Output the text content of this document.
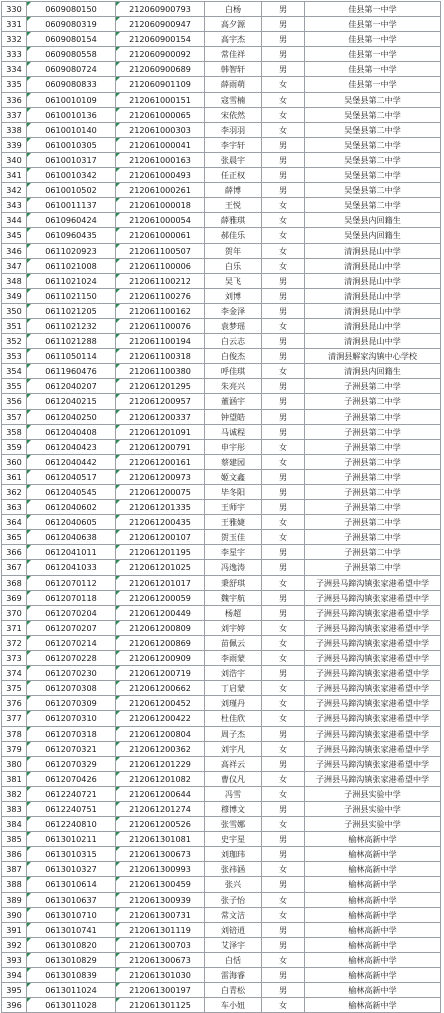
330	0609080150	212060900793	白杨	男	佳县第一中学
331	0609080319	212060900947	高夕源	男	佳县第一中学
332	0609080154	212060900154	高宇杰	男	佳县第一中学
333	0609080558	212060900092	常佳祥	男	佳县第一中学
334	0609080724	212060900689	韩智轩	男	佳县第一中学
335	0609080833	212060901109	薛雨萌	女	佳县第一中学
336	0610010109	212061000151	寇雪楠	女	吴堡县第二中学
337	0610010136	212061000065	宋依然	女	吴堡县第二中学
338	0610010140	212061000303	李羽羽	女	吴堡县第二中学
339	0610010305	212061000041	李宇轩	男	吴堡县第二中学
340	0610010317	212061000163	张晨宇	男	吴堡县第二中学
341	0610010342	212061000493	任正权	男	吴堡县第二中学
342	0610010502	212061000261	薛博	男	吴堡县第二中学
343	0610011137	212061000018	王悦	女	吴堡县第二中学
344	0610960424	212061000054	薛雅琪	女	吴堡县内回籍生
345	0610960435	212061000061	郝佳乐	女	吴堡县内回籍生
346	0611020923	212061100507	贺年	女	清涧县昆山中学
347	0611021008	212061100006	白乐	女	清涧县昆山中学
348	0611021024	212061100212	吴飞	男	清涧县昆山中学
349	0611021150	212061100276	刘博	男	清涧县昆山中学
350	0611021205	212061100162	李金泽	男	清涧县昆山中学
351	0611021232	212061100076	袁梦瑶	女	清涧县昆山中学
352	0611021288	212061100194	白云志	男	清涧县昆山中学
353	0611050114	212061100318	白俊杰	男	清涧县解家沟镇中心学校
354	0611960476	212061100380	呼佳琪	女	清涧县内回籍生
355	0612040207	212061201295	朱亮兴	男	子洲县第二中学
356	0612040215	212061200957	董涵宇	男	子洲县第二中学
357	0612040250	212061200337	钟望皓	男	子洲县第二中学
358	0612040408	212061201091	马诚程	男	子洲县第二中学
359	0612040423	212061200791	申宇彤	女	子洲县第二中学
360	0612040442	212061200161	蔡建园	女	子洲县第二中学
361	0612040517	212061200973	姬文鑫	男	子洲县第二中学
362	0612040545	212061200075	毕冬阳	男	子洲县第二中学
363	0612040602	212061201335	王师宇	男	子洲县第二中学
364	0612040605	212061200435	王雅婕	女	子洲县第二中学
365	0612040638	212061200107	贺玉佳	女	子洲县第二中学
366	0612041011	212061201195	李星宇	男	子洲县第二中学
367	0612041033	212061201025	冯逸涛	男	子洲县第二中学
368	0612070112	212061201017	秉舒琪	女	子洲县马蹄沟镇张家港希望中学
369	0612070118	212061200059	魏宇航	男	子洲县马蹄沟镇张家港希望中学
370	0612070204	212061200449	杨超	男	子洲县马蹄沟镇张家港希望中学
371	0612070207	212061200809	刘宇婷	女	子洲县马蹄沟镇张家港希望中学
372	0612070214	212061200869	苗佩云	女	子洲县马蹄沟镇张家港希望中学
373	0612070228	212061200909	李雨蒙	女	子洲县马蹄沟镇张家港希望中学
374	0612070230	212061200719	刘浩宇	男	子洲县马蹄沟镇张家港希望中学
375	0612070308	212061200662	丁启蒙	女	子洲县马蹄沟镇张家港希望中学
376	0612070309	212061200452	刘瑾丹	女	子洲县马蹄沟镇张家港希望中学
377	0612070310	212061200422	杜佳欣	女	子洲县马蹄沟镇张家港希望中学
378	0612070318	212061200804	周子杰	男	子洲县马蹄沟镇张家港希望中学
379	0612070321	212061200362	刘宇凡	女	子洲县马蹄沟镇张家港希望中学
380	0612070329	212061201229	高祥云	男	子洲县马蹄沟镇张家港希望中学
381	0612070426	212061201082	曹仪凡	女	子洲县马蹄沟镇张家港希望中学
382	0612240721	212061200644	冯雪	女	子洲县实验中学
383	0612240751	212061201274	穆博文	男	子洲县实验中学
384	0612240810	212061200526	张雪娜	女	子洲县实验中学
385	0613010211	212061301081	史宇星	男	榆林高新中学
386	0613010315	212061300673	刘珈玮	男	榆林高新中学
387	0613010327	212061300993	张祎涵	女	榆林高新中学
388	0613010614	212061300459	张兴	男	榆林高新中学
389	0613010637	212061300939	张子怡	女	榆林高新中学
390	0613010710	212061300731	常文洁	女	榆林高新中学
391	0613010741	212061301119	刘锫逍	男	榆林高新中学
392	0613010820	212061300703	艾泽宇	男	榆林高新中学
393	0613010829	212061300673	白恬	女	榆林高新中学
394	0613010839	212061301030	雷海睿	男	榆林高新中学
395	0613011024	212061300197	白青松	男	榆林高新中学
396	0613011028	212061301125	车小妞	女	榆林高新中学
